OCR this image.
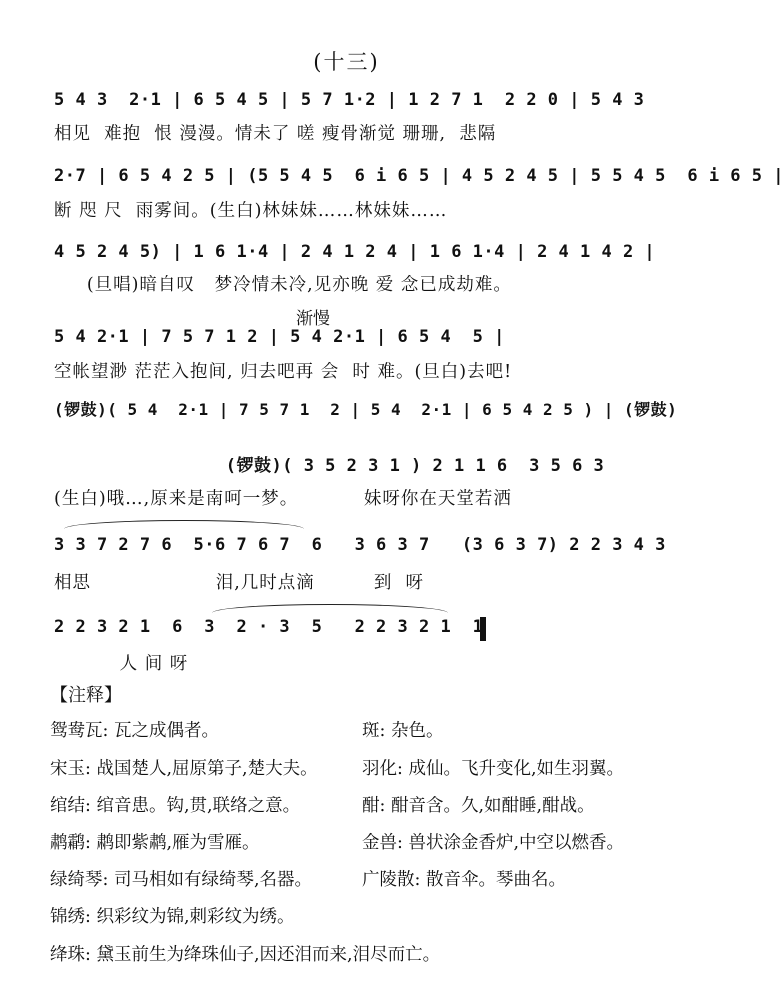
(十三)
5 4 3  2·1 | 6 5 4 5 | 5 7 1·2 | 1 2 7 1  2 2 0 | 5 4 3
相见  难抱  恨 漫漫。情未了 嗟 瘦骨渐觉 珊珊,  悲隔
2·7 | 6 5 4 2 5 | (5 5 4 5  6 i 6 5 | 4 5 2 4 5 | 5 5 4 5  6 i 6 5 |
断 咫 尺  雨雾间。(生白)林妹妹……林妹妹……
4 5 2 4 5) | 1 6 1·4 | 2 4 1 2 4 | 1 6 1·4 | 2 4 1 4 2 |
(旦唱)暗自叹   梦冷情未冷,见亦晚 爱 念已成劫难。
渐慢
5 4 2·1 | 7 5 7 1 2 | 5 4 2·1 | 6 5 4  5 |
空帐望渺 茫茫入抱间, 归去吧再 会  时 难。(旦白)去吧!
(锣鼓)( 5 4  2·1 | 7 5 7 1  2 | 5 4  2·1 | 6 5 4 2 5 ) | (锣鼓)
(锣鼓)( 3 5 2 3 1 ) 2 1 1 6  3 5 6 3
(生白)哦…,原来是南呵一梦。          妹呀你在天堂若洒
3 3 7 2 7 6  5·6 7 6 7  6   3 6 3 7   (3 6 3 7) 2 2 3 4 3
相思                   泪,几时点滴         到  呀
2 2 3 2 1  6  3  2 · 3  5   2 2 3 2 1  1
人 间 呀
【注释】
鸳鸯瓦: 瓦之成偶者。	斑: 杂色。
宋玉: 战国楚人,屈原第子,楚大夫。	羽化: 成仙。飞升变化,如生羽翼。
绾结: 绾音患。钩,贯,联络之意。	酣: 酣音含。久,如酣睡,酣战。
鹔鹴: 鹔即紫鹔,雁为雪雁。	金兽: 兽状涂金香炉,中空以燃香。
绿绮琴: 司马相如有绿绮琴,名器。	广陵散: 散音伞。琴曲名。
锦绣: 织彩纹为锦,刺彩纹为绣。
绛珠: 黛玉前生为绛珠仙子,因还泪而来,泪尽而亡。
